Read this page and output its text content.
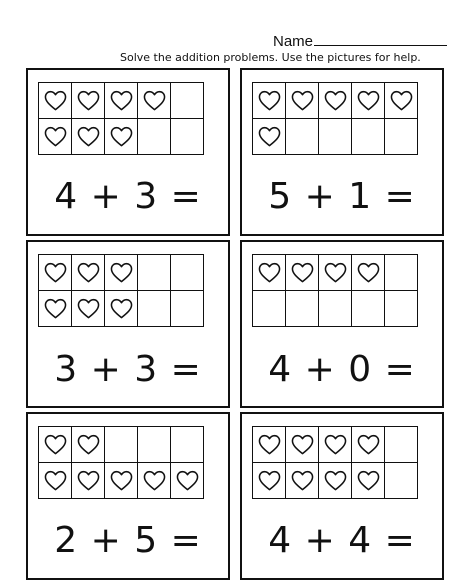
Name
Solve the addition problems. Use the pictures for help.
4 + 3 =	5 + 1 =
3 + 3 =	4 + 0 =
2 + 5 =	4 + 4 =
